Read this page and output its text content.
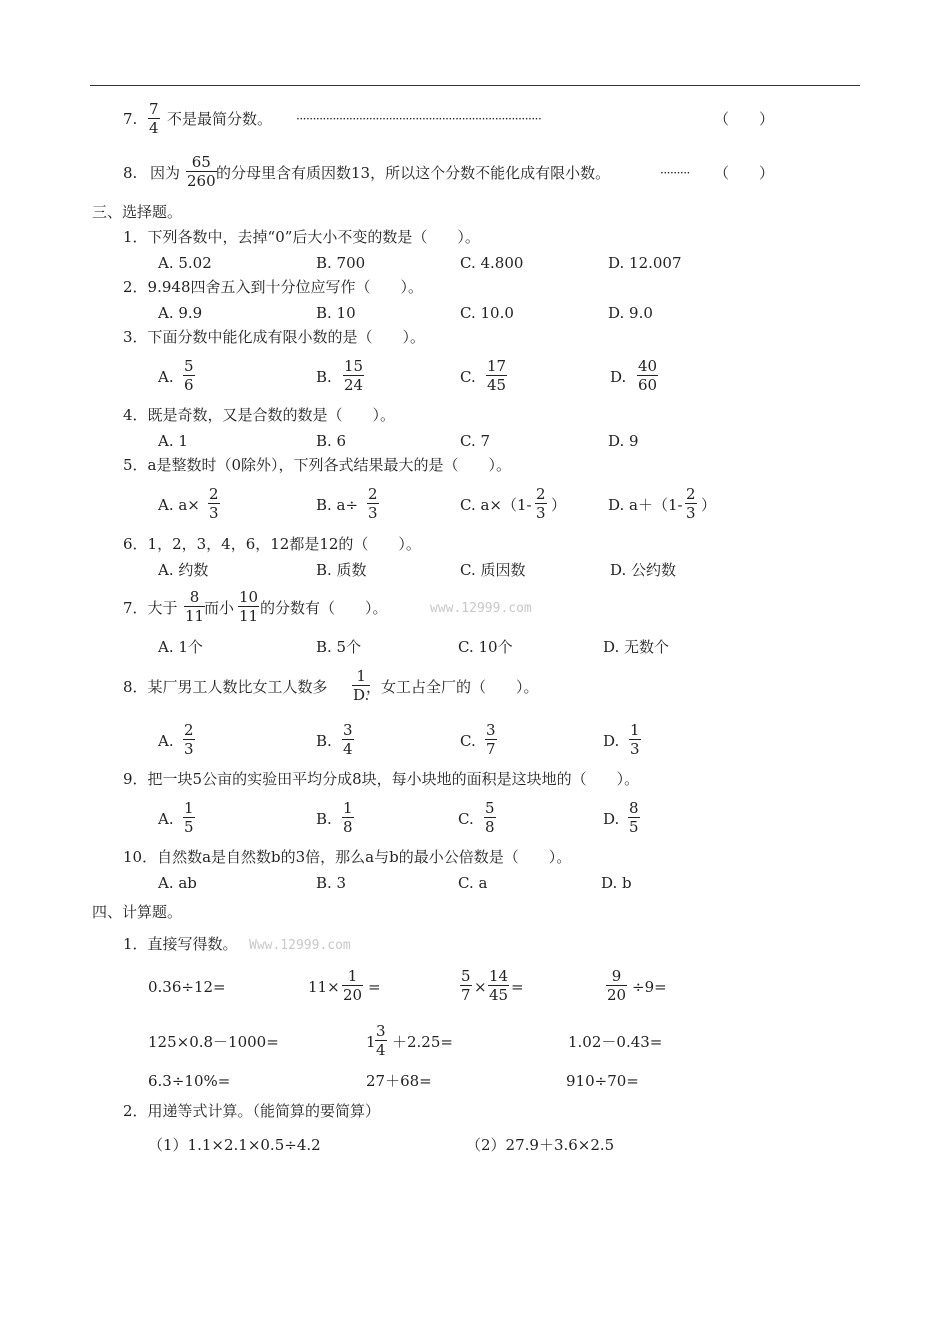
7. $\frac{7}{4}$ 不是最简分数。 ··········································································	（　　）
8. 因为 $\frac{65}{260}$ 的分母里含有质因数13，所以这个分数不能化成有限小数。	········· （　　）
三、选择题。
1．下列各数中，去掉“0”后大小不变的数是（　　）。
A. 5.02	B. 700	C. 4.800	D. 12.007
2．9.948四舍五入到十分位应写作（　　）。
A. 9.9	B. 10	C. 10.0	D. 9.0
3．下面分数中能化成有限小数的是（　　）。
A. $\frac{5}{6}$	B. $\frac{15}{24}$	C. $\frac{17}{45}$	D. $\frac{40}{60}$
4．既是奇数，又是合数的数是（　　）。
A. 1	B. 6	C. 7	D. 9
5．a是整数时（0除外），下列各式结果最大的是（　　）。
A. $a\times \frac{2}{3}$	B. $a\div \frac{2}{3}$	C. $a\times(1- \frac{2}{3}$ ）	D. $a+(1- \frac{2}{3}$ ）
6．1，2，3，4，6，12都是12的（　　）。
A. 约数	B. 质数	C. 质因数	D. 公约数
7．大于 $\frac{8}{11}$
而小 $\frac{10}{11}$ 的分数有（　　）。	www.12999.com
A. 1个	B. 5个	C. 10个	D. 无数个
8．某厂男工人数比女工人数多 $\frac{1}{D.}$
，女工占全厂的（　　）。
A. $\frac{2}{3}$	B. $\frac{3}{4}$	C. $\frac{3}{7}$	D. $\frac{1}{3}$
9．把一块5公亩的实验田平均分成8块，每小块地的面积是这块地的（　　）。
A. $\frac{1}{5}$	B. $\frac{1}{8}$	C. $\frac{5}{8}$	D. $\frac{8}{5}$
10．自然数a是自然数b的3倍，那么a与b的最小公倍数是（　　）。
A. ab	B. 3	C. a	D. b
四、计算题。
1．直接写得数。 Www.12999.com
0.36÷12=	$11\times \frac{1}{20}$ =	$\frac{5}{7} \times \frac{14}{45}$ =	$\frac{9}{20} \div 9=$
125×0.8－1000=	$1 \frac{3}{4} +2.25=$	1.02－0.43=
6.3÷10%=	27＋68=	910÷70=
2．用递等式计算。（能简算的要简算）
（1）1.1×2.1×0.5÷4.2	（2）27.9＋3.6×2.5
